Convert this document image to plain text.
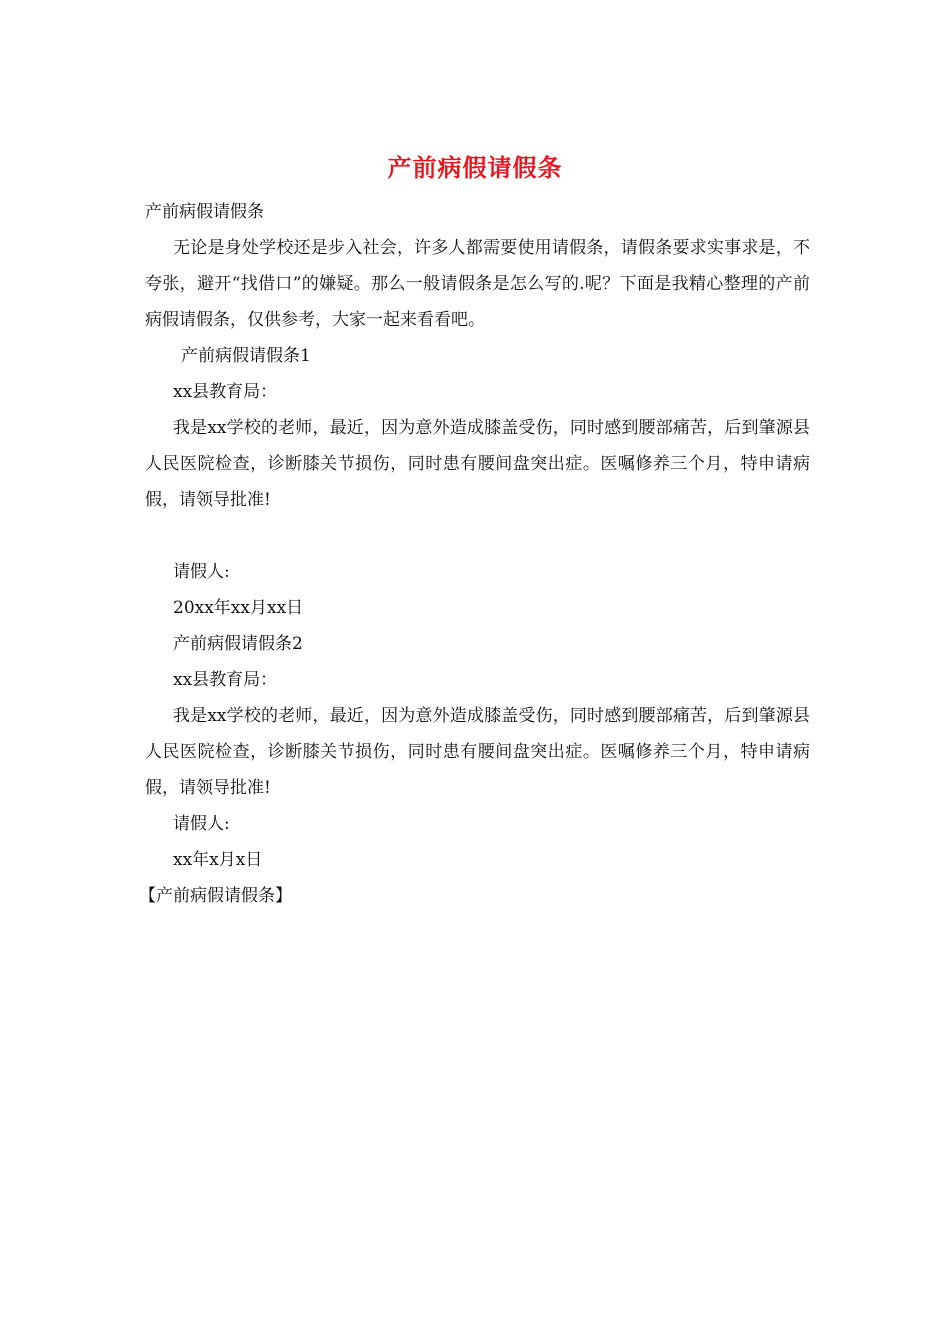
产前病假请假条

产前病假请假条

无论是身处学校还是步入社会，许多人都需要使用请假条，请假条要求实事求是，不夸张，避开“找借口”的嫌疑。那么一般请假条是怎么写的.呢？下面是我精心整理的产前病假请假条，仅供参考，大家一起来看看吧。

产前病假请假条1

xx县教育局：

我是xx学校的老师，最近，因为意外造成膝盖受伤，同时感到腰部痛苦，后到肇源县人民医院检查，诊断膝关节损伤，同时患有腰间盘突出症。医嘱修养三个月，特申请病假，请领导批准!

请假人:

20xx年xx月xx日

产前病假请假条2

xx县教育局：

我是xx学校的老师，最近，因为意外造成膝盖受伤，同时感到腰部痛苦，后到肇源县人民医院检查，诊断膝关节损伤，同时患有腰间盘突出症。医嘱修养三个月，特申请病假，请领导批准!

请假人:

xx年x月x日

【产前病假请假条】
